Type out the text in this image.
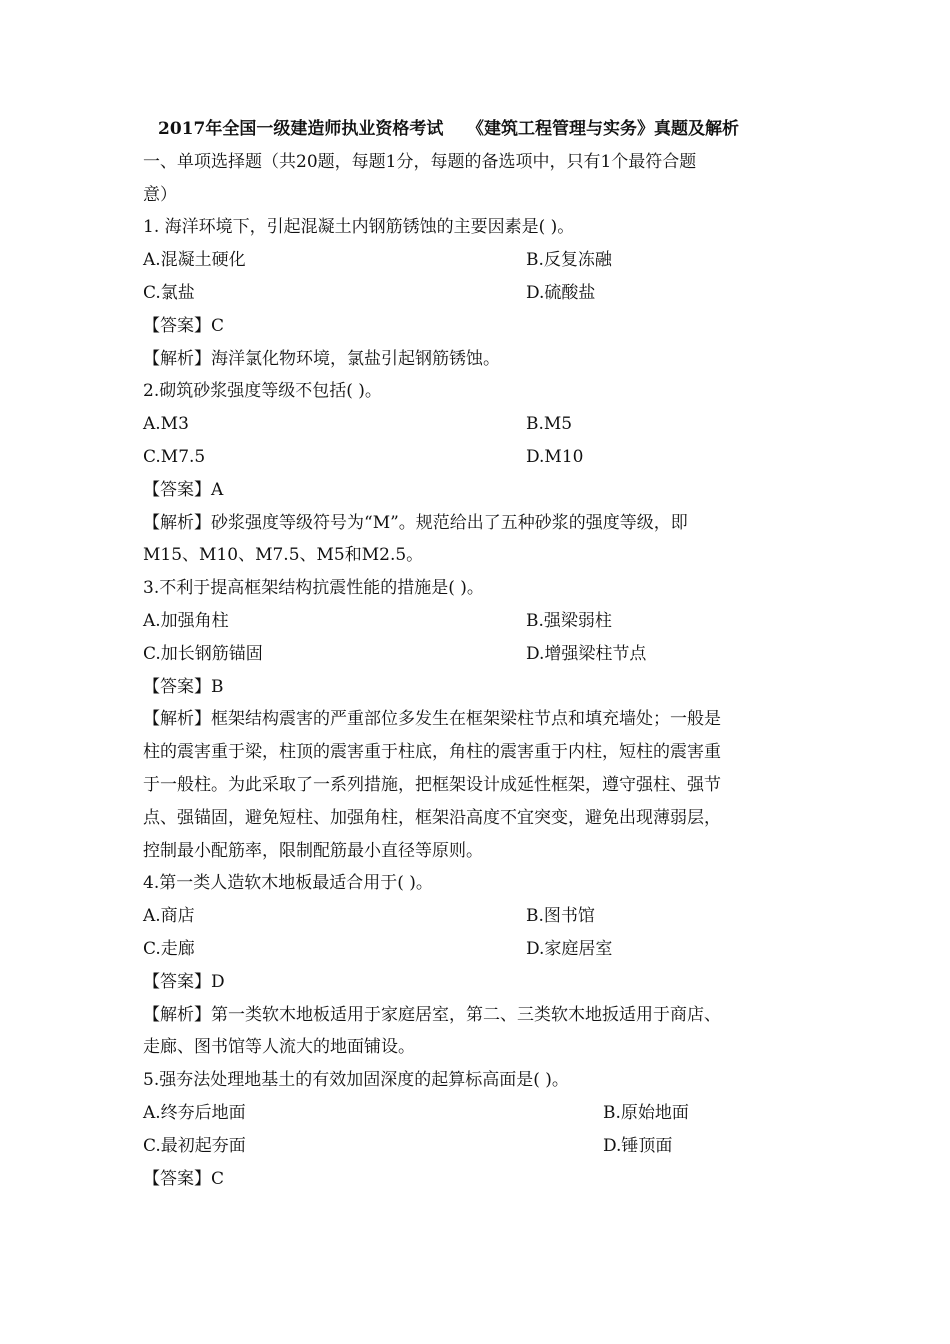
2017年全国一级建造师执业资格考试 《建筑工程管理与实务》真题及解析
一、单项选择题（共20题，每题1分，每题的备选项中，只有1个最符合题
意）
1. 海洋环境下，引起混凝土内钢筋锈蚀的主要因素是( )。
A.混凝土硬化	B.反复冻融
C.氯盐	D.硫酸盐
【答案】C
【解析】海洋氯化物环境，氯盐引起钢筋锈蚀。
2.砌筑砂浆强度等级不包括( )。
A.M3	B.M5
C.M7.5	D.M10
【答案】A
【解析】砂浆强度等级符号为“M”。规范给出了五种砂浆的强度等级，即
M15、M10、M7.5、M5和M2.5。
3.不利于提高框架结构抗震性能的措施是( )。
A.加强角柱	B.强梁弱柱
C.加长钢筋锚固	D.增强梁柱节点
【答案】B
【解析】框架结构震害的严重部位多发生在框架梁柱节点和填充墙处；一般是
柱的震害重于梁，柱顶的震害重于柱底，角柱的震害重于内柱，短柱的震害重
于一般柱。为此采取了一系列措施，把框架设计成延性框架，遵守强柱、强节
点、强锚固，避免短柱、加强角柱，框架沿高度不宜突变，避免出现薄弱层，
控制最小配筋率，限制配筋最小直径等原则。
4.第一类人造软木地板最适合用于( )。
A.商店	B.图书馆
C.走廊	D.家庭居室
【答案】D
【解析】第一类软木地板适用于家庭居室，第二、三类软木地扳适用于商店、
走廊、图书馆等人流大的地面铺设。
5.强夯法处理地基土的有效加固深度的起算标高面是( )。
A.终夯后地面	B.原始地面
C.最初起夯面	D.锤顶面
【答案】C
